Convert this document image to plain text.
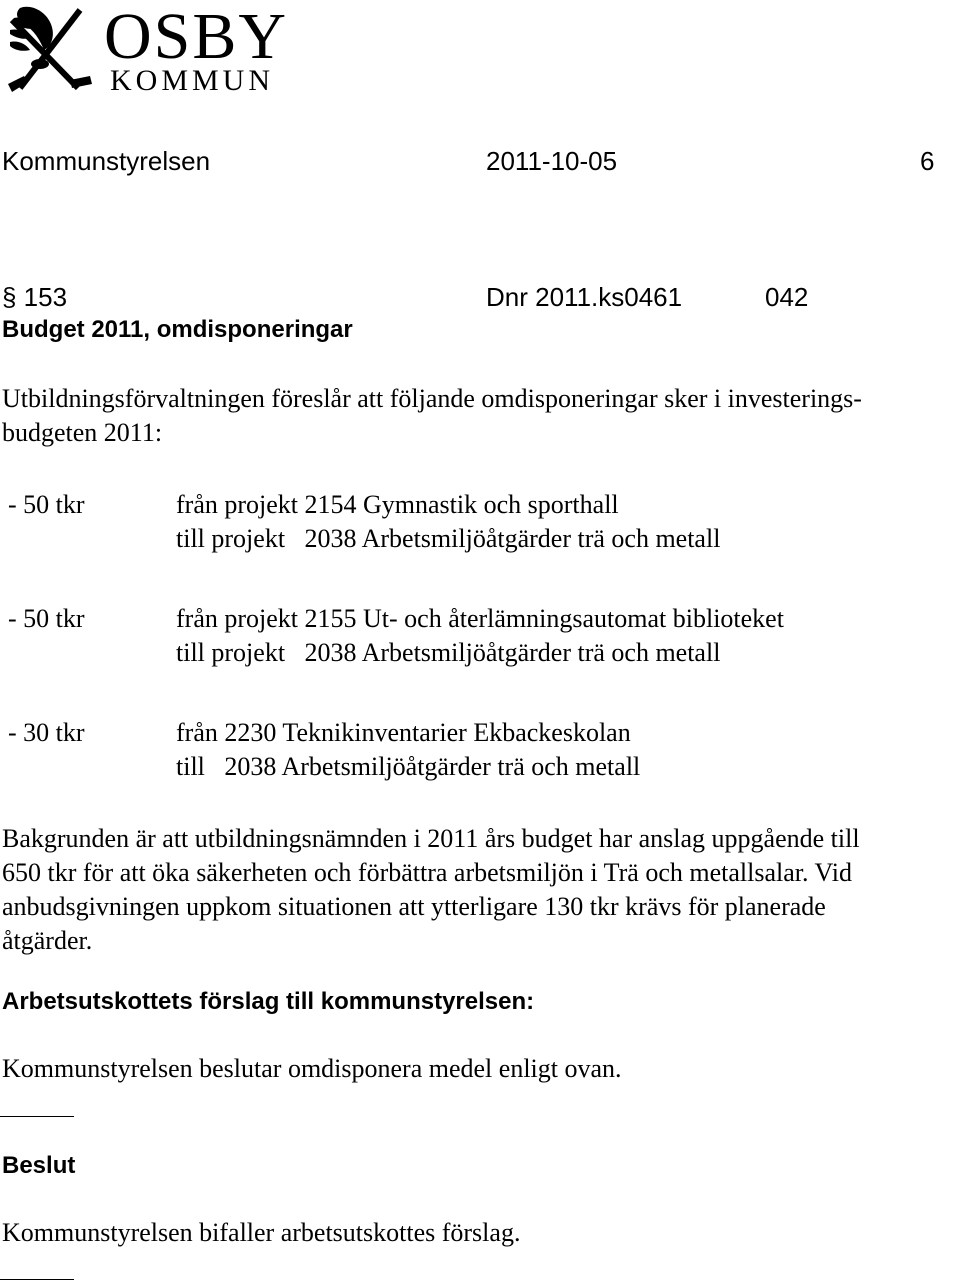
OSBY
KOMMUN
Kommunstyrelsen	2011-10-05	6
§ 153	Dnr 2011.ks0461	042
Budget 2011, omdisponeringar
Utbildningsförvaltningen föreslår att följande omdisponeringar sker i investerings-
budgeten 2011:
- 50 tkr	från projekt 2154 Gymnastik och sporthall
till projekt   2038 Arbetsmiljöåtgärder trä och metall
- 50 tkr	från projekt 2155 Ut- och återlämningsautomat biblioteket
till projekt   2038 Arbetsmiljöåtgärder trä och metall
- 30 tkr	från 2230 Teknikinventarier Ekbackeskolan
till   2038 Arbetsmiljöåtgärder trä och metall
Bakgrunden är att utbildningsnämnden i 2011 års budget har anslag uppgående till
650 tkr för att öka säkerheten och förbättra arbetsmiljön i Trä och metallsalar. Vid
anbudsgivningen uppkom situationen att ytterligare 130 tkr krävs för planerade
åtgärder.
Arbetsutskottets förslag till kommunstyrelsen:
Kommunstyrelsen beslutar omdisponera medel enligt ovan.
Beslut
Kommunstyrelsen bifaller arbetsutskottes förslag.
